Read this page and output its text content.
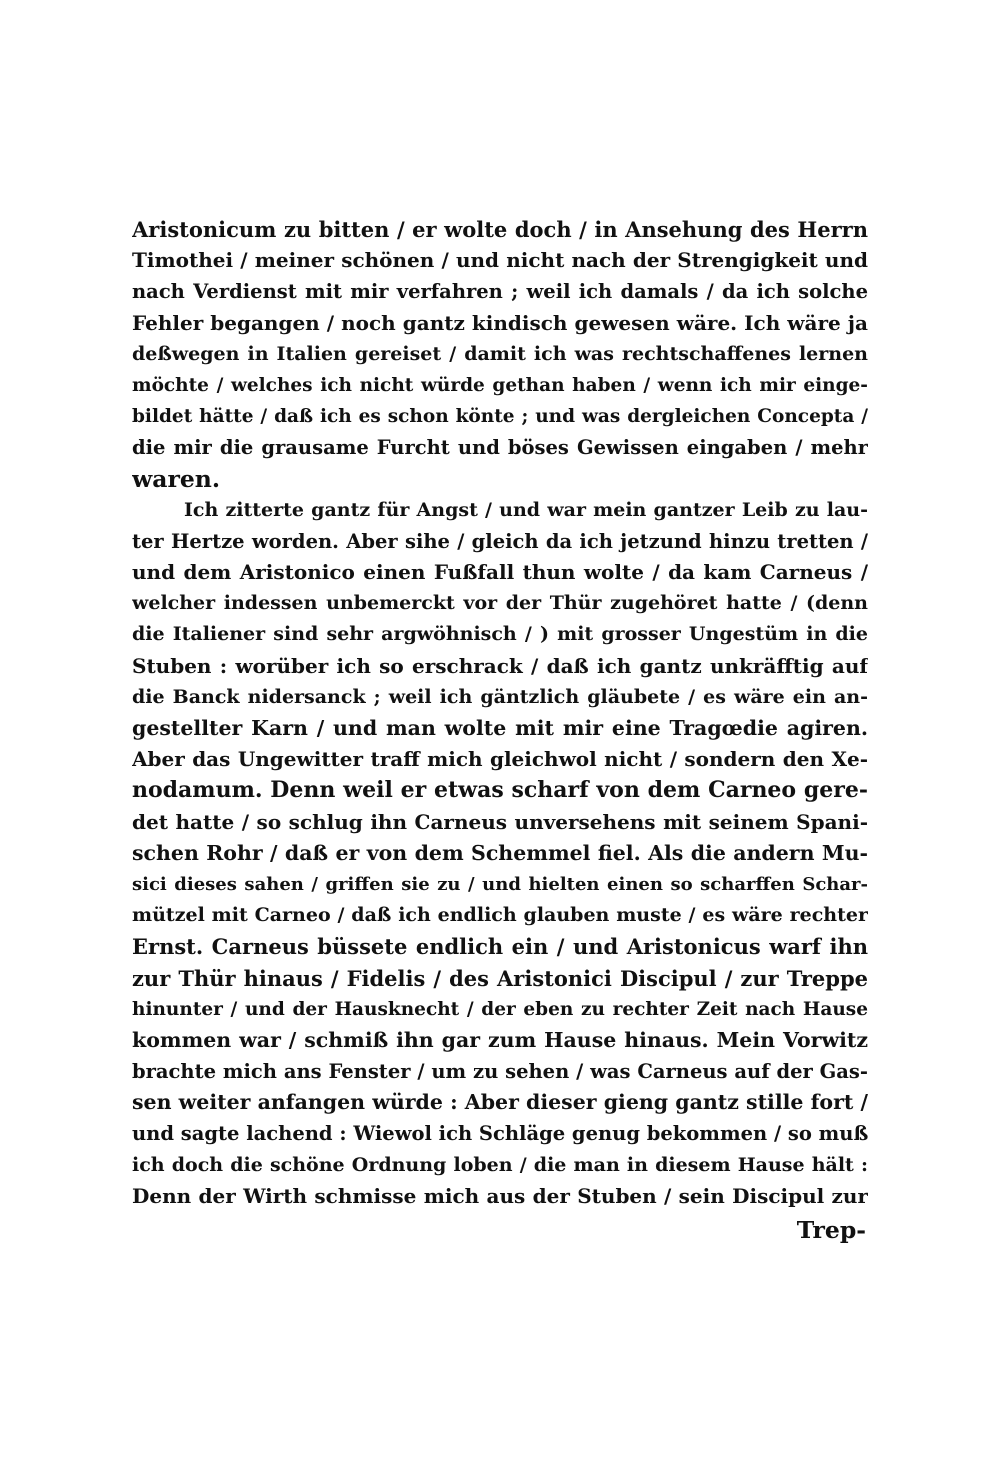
Aristonicum zu bitten / er wolte doch / in Ansehung des Herrn
Timothei / meiner schönen / und nicht nach der Strengigkeit und
nach Verdienst mit mir verfahren ; weil ich damals / da ich solche
Fehler begangen / noch gantz kindisch gewesen wäre. Ich wäre ja
deßwegen in Italien gereiset / damit ich was rechtschaffenes lernen
möchte / welches ich nicht würde gethan haben / wenn ich mir einge-
bildet hätte / daß ich es schon könte ; und was dergleichen Concepta /
die mir die grausame Furcht und böses Gewissen eingaben / mehr
waren.
Ich zitterte gantz für Angst / und war mein gantzer Leib zu lau-
ter Hertze worden. Aber sihe / gleich da ich jetzund hinzu tretten /
und dem Aristonico einen Fußfall thun wolte / da kam Carneus /
welcher indessen unbemerckt vor der Thür zugehöret hatte / (denn
die Italiener sind sehr argwöhnisch / ) mit grosser Ungestüm in die
Stuben : worüber ich so erschrack / daß ich gantz unkräfftig auf
die Banck nidersanck ; weil ich gäntzlich gläubete / es wäre ein an-
gestellter Karn / und man wolte mit mir eine Tragœdie agiren.
Aber das Ungewitter traff mich gleichwol nicht / sondern den Xe-
nodamum. Denn weil er etwas scharf von dem Carneo gere-
det hatte / so schlug ihn Carneus unversehens mit seinem Spani-
schen Rohr / daß er von dem Schemmel fiel. Als die andern Mu-
sici dieses sahen / griffen sie zu / und hielten einen so scharffen Schar-
mützel mit Carneo / daß ich endlich glauben muste / es wäre rechter
Ernst. Carneus büssete endlich ein / und Aristonicus warf ihn
zur Thür hinaus / Fidelis / des Aristonici Discipul / zur Treppe
hinunter / und der Hausknecht / der eben zu rechter Zeit nach Hause
kommen war / schmiß ihn gar zum Hause hinaus. Mein Vorwitz
brachte mich ans Fenster / um zu sehen / was Carneus auf der Gas-
sen weiter anfangen würde : Aber dieser gieng gantz stille fort /
und sagte lachend : Wiewol ich Schläge genug bekommen / so muß
ich doch die schöne Ordnung loben / die man in diesem Hause hält :
Denn der Wirth schmisse mich aus der Stuben / sein Discipul zur
Trep-
